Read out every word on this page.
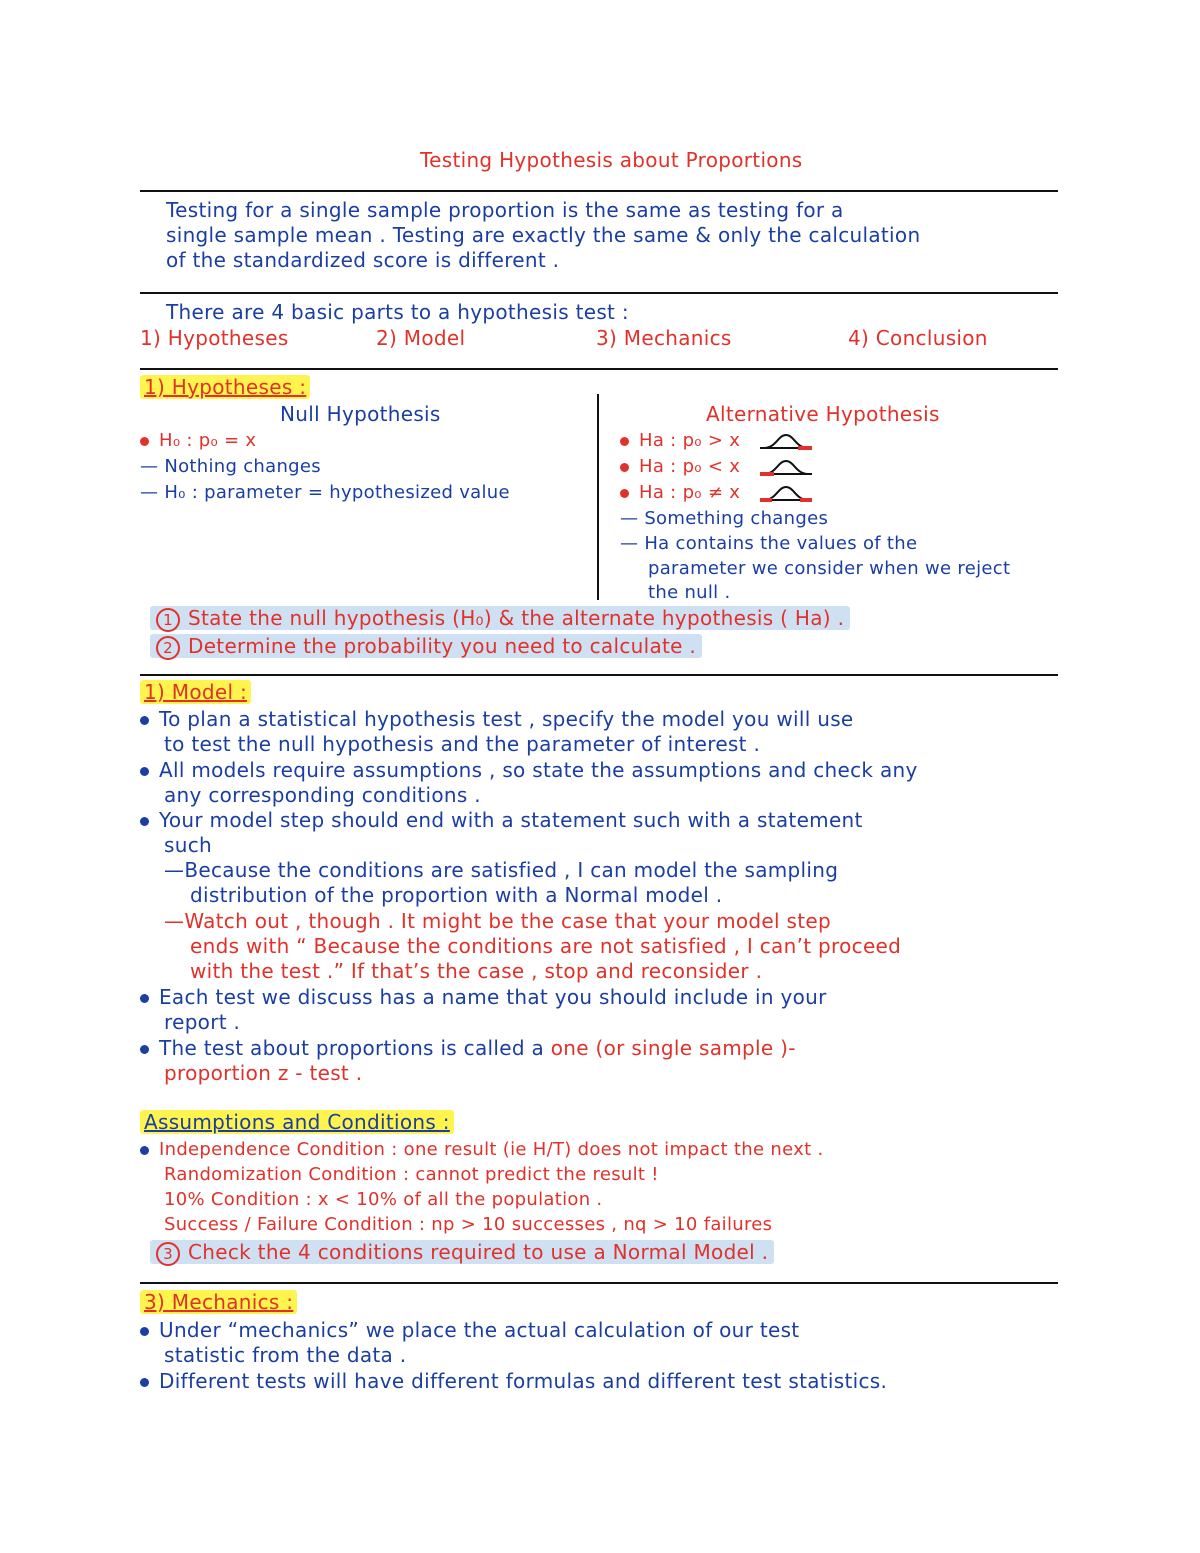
Testing Hypothesis about Proportions
Testing for a single sample proportion is the same as testing for a
single sample mean . Testing are exactly the same & only the calculation
of the standardized score is different .
There are 4 basic parts to a hypothesis test :
1) Hypotheses	2) Model	3) Mechanics	4) Conclusion
1) Hypotheses :
Null Hypothesis
H₀ : p₀ = x
— Nothing changes
— H₀ : parameter = hypothesized value
Alternative Hypothesis
Ha : p₀ > x
Ha : p₀ < x
Ha : p₀ ≠ x
— Something changes
— Ha contains the values of the
parameter we consider when we reject
the null .
1 State the null hypothesis (H₀) & the alternate hypothesis ( Ha) .
2 Determine the probability you need to calculate .
1) Model :
To plan a statistical hypothesis test , specify the model you will use
to test the null hypothesis and the parameter of interest .
All models require assumptions , so state the assumptions and check any
any corresponding conditions .
Your model step should end with a statement such with a statement
such
—Because the conditions are satisfied , I can model the sampling
distribution of the proportion with a Normal model .
—Watch out , though . It might be the case that your model step
ends with “ Because the conditions are not satisfied , I can’t proceed
with the test .” If that’s the case , stop and reconsider .
Each test we discuss has a name that you should include in your
report .
The test about proportions is called a one (or single sample )-
proportion z - test .
Assumptions and Conditions :
Independence Condition : one result (ie H/T) does not impact the next .
Randomization Condition : cannot predict the result !
10% Condition : x < 10% of all the population .
Success / Failure Condition : np > 10 successes , nq > 10 failures
3 Check the 4 conditions required to use a Normal Model .
3) Mechanics :
Under “mechanics” we place the actual calculation of our test
statistic from the data .
Different tests will have different formulas and different test statistics.
